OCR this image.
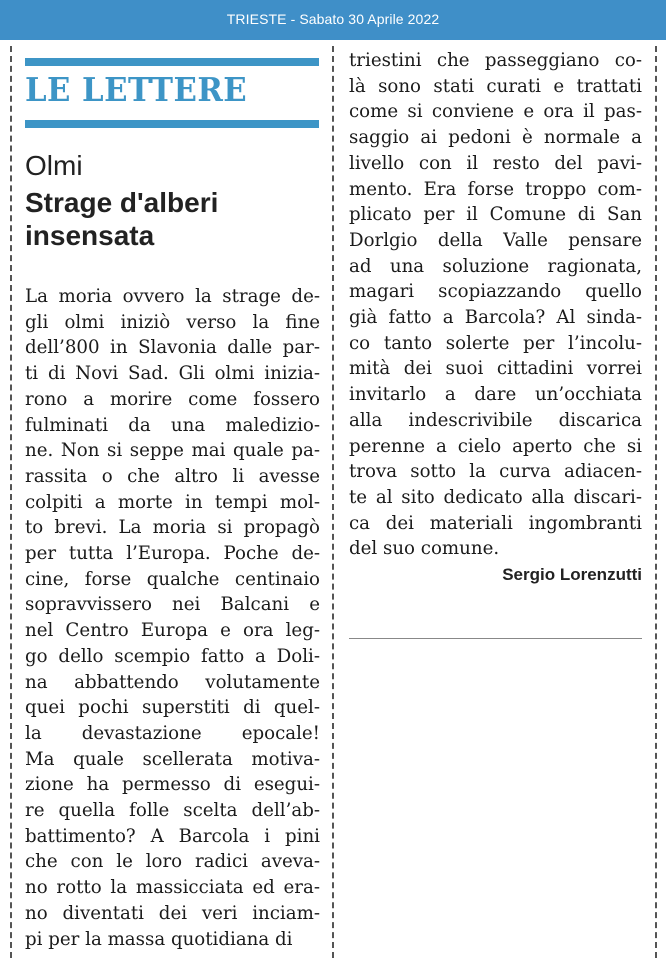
TRIESTE - Sabato 30 Aprile 2022
LE LETTERE
Olmi
Strage d'alberi
insensata
La moria ovvero la strage de-
gli olmi iniziò verso la fine
dell’800 in Slavonia dalle par-
ti di Novi Sad. Gli olmi inizia-
rono a morire come fossero
fulminati da una maledizio-
ne. Non si seppe mai quale pa-
rassita o che altro li avesse
colpiti a morte in tempi mol-
to brevi. La moria si propagò
per tutta l’Europa. Poche de-
cine, forse qualche centinaio
sopravvissero nei Balcani e
nel Centro Europa e ora leg-
go dello scempio fatto a Doli-
na abbattendo volutamente
quei pochi superstiti di quel-
la devastazione epocale!
Ma quale scellerata motiva-
zione ha permesso di esegui-
re quella folle scelta dell’ab-
battimento? A Barcola i pini
che con le loro radici aveva-
no rotto la massicciata ed era-
no diventati dei veri inciam-
pi per la massa quotidiana di
triestini che passeggiano co-
là sono stati curati e trattati
come si conviene e ora il pas-
saggio ai pedoni è normale a
livello con il resto del pavi-
mento. Era forse troppo com-
plicato per il Comune di San
Dorlgio della Valle pensare
ad una soluzione ragionata,
magari scopiazzando quello
già fatto a Barcola? Al sinda-
co tanto solerte per l’incolu-
mità dei suoi cittadini vorrei
invitarlo a dare un’occhiata
alla indescrivibile discarica
perenne a cielo aperto che si
trova sotto la curva adiacen-
te al sito dedicato alla discari-
ca dei materiali ingombranti
del suo comune.
Sergio Lorenzutti
